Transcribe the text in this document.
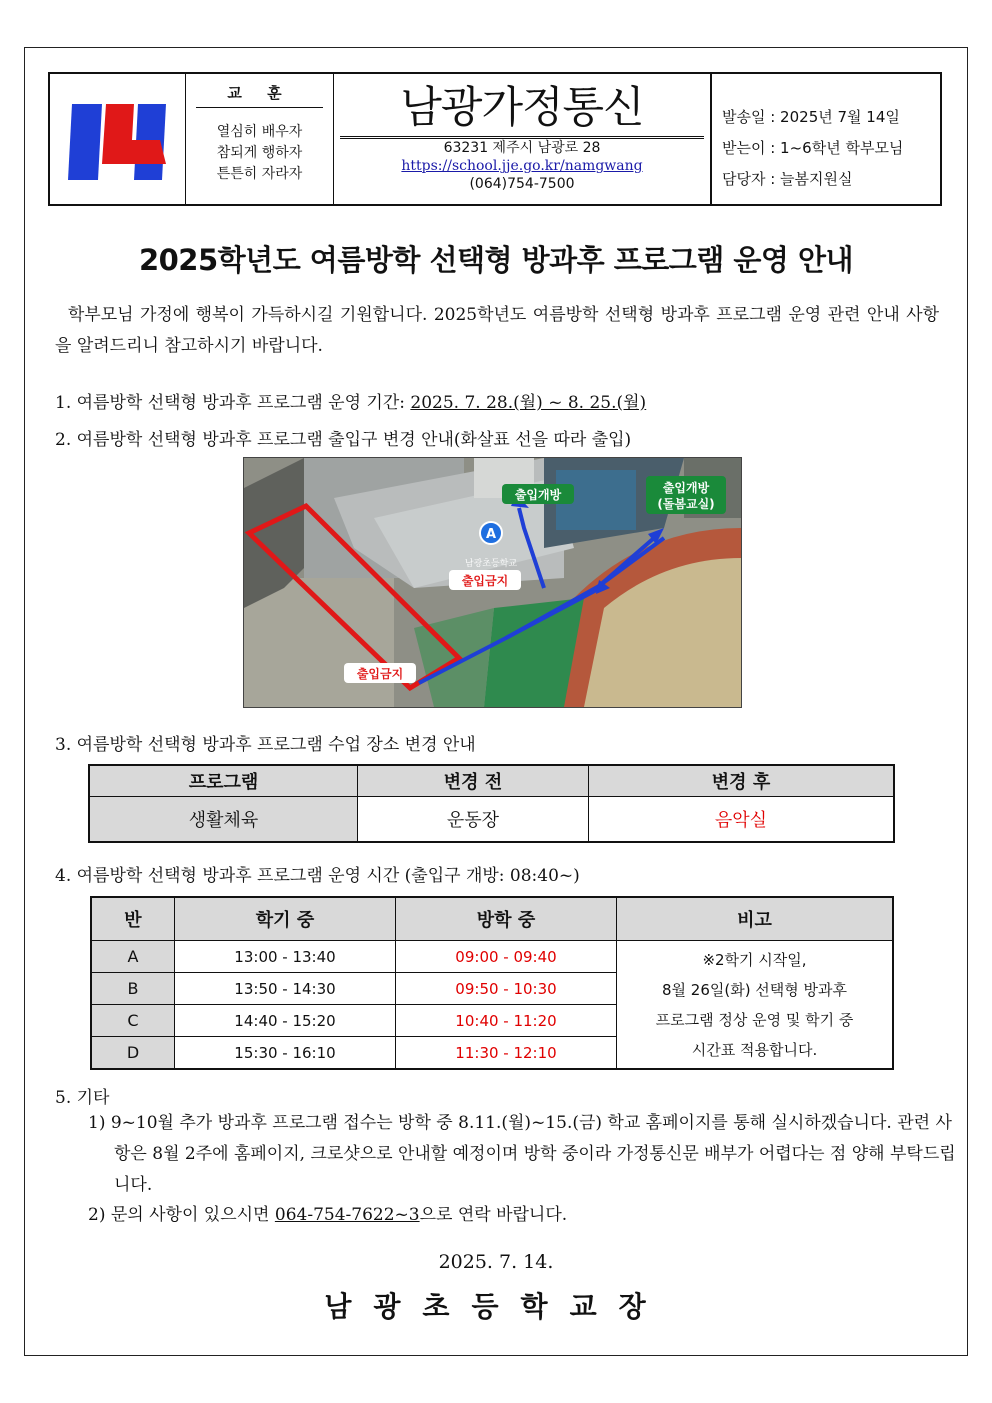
교 훈
열심히 배우자
참되게 행하자
튼튼히 자라자
남광가정통신
63231 제주시 남광로 28
https://school.jje.go.kr/namgwang
(064)754-7500
발송일 : 2025년 7월 14일
받는이 : 1~6학년 학부모님
담당자 : 늘봄지원실
2025학년도 여름방학 선택형 방과후 프로그램 운영 안내
학부모님 가정에 행복이 가득하시길 기원합니다. 2025학년도 여름방학 선택형 방과후 프로그램 운영 관련 안내 사항을 알려드리니 참고하시기 바랍니다.
1. 여름방학 선택형 방과후 프로그램 운영 기간: 2025. 7. 28.(월) ~ 8. 25.(월)
2. 여름방학 선택형 방과후 프로그램 출입구 변경 안내(화살표 선을 따라 출입)
A
남광초등학교
출입개방	출입개방
(돌봄교실)
출입금지
출입금지
3. 여름방학 선택형 방과후 프로그램 수업 장소 변경 안내
프로그램	변경 전	변경 후
생활체육	운동장	음악실
4. 여름방학 선택형 방과후 프로그램 운영 시간 (출입구 개방: 08:40~)
반	학기 중	방학 중	비고
A	13:00 - 13:40	09:00 - 09:40	※2학기 시작일,
8월 26일(화) 선택형 방과후
프로그램 정상 운영 및 학기 중
시간표 적용합니다.

B	13:50 - 14:30	09:50 - 10:30	
C	14:40 - 15:20	10:40 - 11:20	
D	15:30 - 16:10	11:30 - 12:10	
5. 기타
1) 9~10월 추가 방과후 프로그램 접수는 방학 중 8.11.(월)~15.(금) 학교 홈페이지를 통해 실시하겠습니다. 관련 사항은 8월 2주에 홈페이지, 크로샷으로 안내할 예정이며 방학 중이라 가정통신문 배부가 어렵다는 점 양해 부탁드립니다.
2) 문의 사항이 있으시면 064-754-7622~3으로 연락 바랍니다.
2025. 7. 14.
남광초등학교장
